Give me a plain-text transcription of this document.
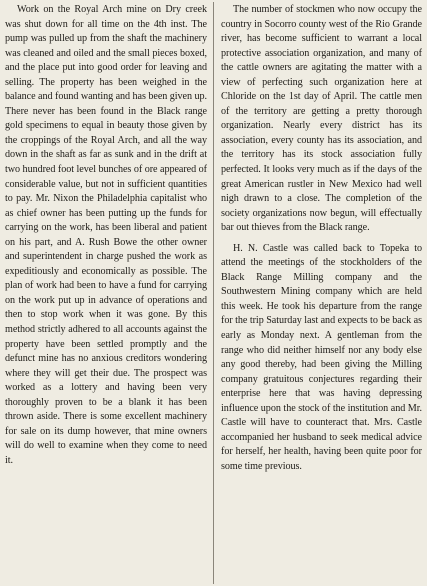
Work on the Royal Arch mine on Dry creek was shut down for all time on the 4th inst. The pump was pulled up from the shaft the machinery was cleaned and oiled and the small pieces boxed, and the place put into good order for leaving and selling. The property has been weighed in the balance and found wanting and has been given up. There never has been found in the Black range gold specimens to equal in beauty those given by the croppings of the Royal Arch, and all the way down in the shaft as far as sunk and in the drift at two hundred foot level bunches of ore appeared of considerable value, but not in sufficient quantities to pay. Mr. Nixon the Philadelphia capitalist who as chief owner has been putting up the funds for carrying on the work, has been liberal and patient on his part, and A. Rush Bowe the other owner and superintendent in charge pushed the work as expeditiously and economically as possible. The plan of work had been to have a fund for carrying on the work put up in advance of operations and then to stop work when it was gone. By this method strictly adhered to all accounts against the property have been settled promptly and the defunct mine has no anxious creditors wondering where they will get their due. The prospect was worked as a lottery and having been very thoroughly proven to be a blank it has been thrown aside. There is some excellent machinery for sale on its dump however, that mine owners will do well to examine when they come to need it.

The number of stockmen who now occupy the country in Socorro county west of the Rio Grande river, has become sufficient to warrant a local protective association organization, and many of the cattle owners are agitating the matter with a view of perfecting such organization here at Chloride on the 1st day of April. The cattle men of the territory are getting a pretty thorough organization. Nearly every district has its association, every county has its association, and the territory has its stock association fully perfected. It looks very much as if the days of the great American rustler in New Mexico had well nigh drawn to a close. The completion of the society organizations now begun, will effectually bar out thieves from the Black range.

H. N. Castle was called back to Topeka to attend the meetings of the stockholders of the Black Range Milling company and the Southwestern Mining company which are held this week. He took his departure from the range for the trip Saturday last and expects to be back as early as Monday next. A gentleman from the range who did neither himself nor any body else any good thereby, had been giving the Milling company gratuitous conjectures regarding their enterprise here that was having depressing influence upon the stock of the institution and Mr. Castle will have to counteract that. Mrs. Castle accompanied her husband to seek medical advice for herself, her health, having been quite poor for some time previous.
